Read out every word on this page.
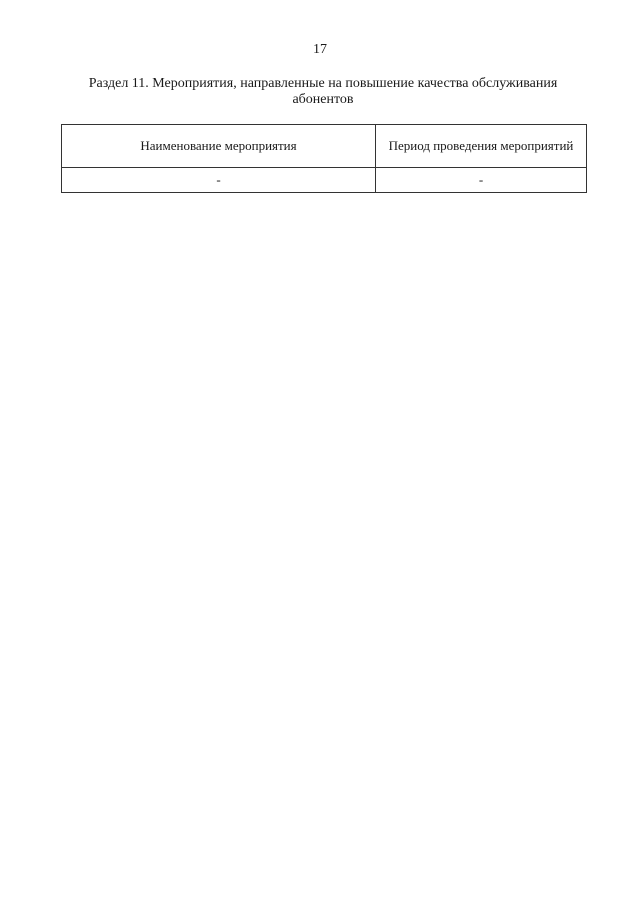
17
Раздел 11. Мероприятия, направленные на повышение качества обслуживания абонентов
Наименование мероприятия	Период проведения мероприятий
-	-
